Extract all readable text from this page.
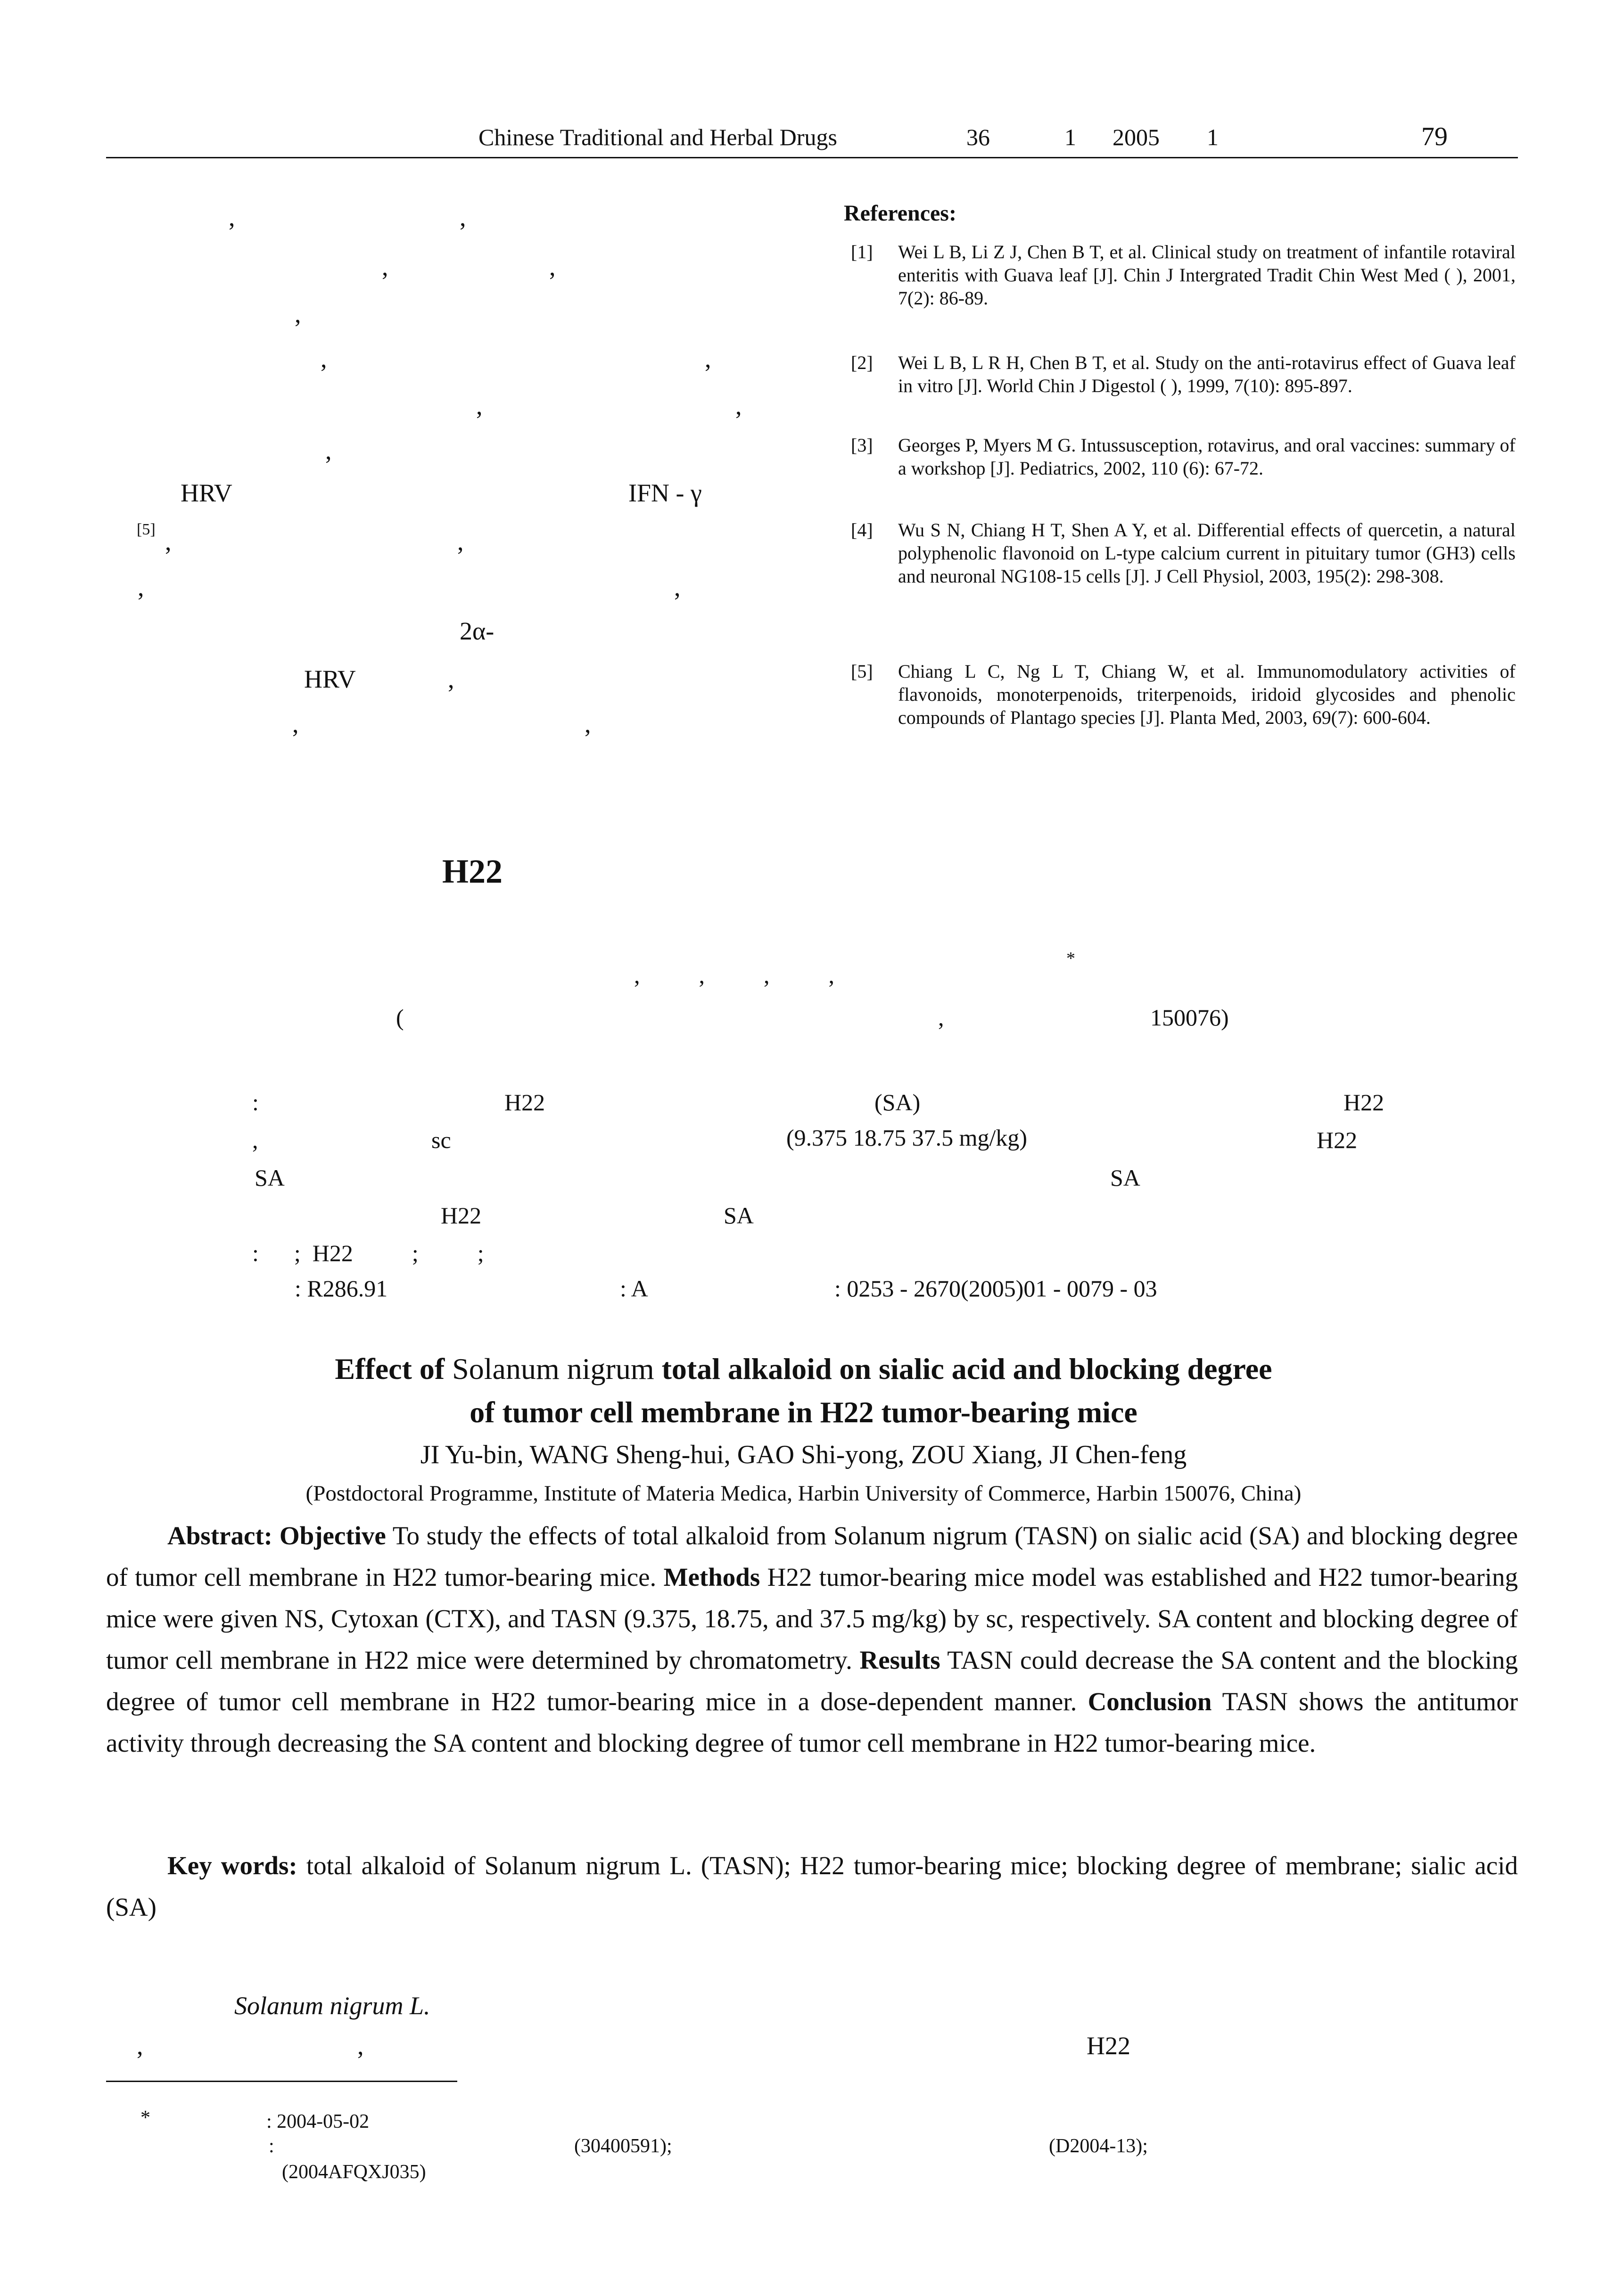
Chinese Traditional and Herbal Drugs	36	1 2005 1	79
,	,
,	,
,
,	,
,	,
,
HRV	IFN - γ
[5] ,	,
,	,
2α-
HRV	,
,	,
References:
[1] Wei L B, Li Z J, Chen B T, et al. Clinical study on treatment of infantile rotaviral enteritis with Guava leaf [J]. Chin J Intergrated Tradit Chin West Med ( ), 2001, 7(2): 86-89.
[2] Wei L B, L R H, Chen B T, et al. Study on the anti-rotavirus effect of Guava leaf in vitro [J]. World Chin J Digestol ( ), 1999, 7(10): 895-897.
[3] Georges P, Myers M G. Intussusception, rotavirus, and oral vaccines: summary of a workshop [J]. Pediatrics, 2002, 110 (6): 67-72.
[4] Wu S N, Chiang H T, Shen A Y, et al. Differential effects of quercetin, a natural polyphenolic flavonoid on L-type calcium current in pituitary tumor (GH3) cells and neuronal NG108-15 cells [J]. J Cell Physiol, 2003, 195(2): 298-308.
[5] Chiang L C, Ng L T, Chiang W, et al. Immunomodulatory activities of flavonoids, monoterpenoids, triterpenoids, iridoid glycosides and phenolic compounds of Plantago species [J]. Planta Med, 2003, 69(7): 600-604.
H22
,          ,          ,          ,
*
(	,	150076)
:	H22	(SA)	H22
,	sc	(9.375 18.75 37.5 mg/kg)	H22
SA	SA
H22	SA
:      ;  H22          ;          ;
: R286.91	: A	: 0253 - 2670(2005)01 - 0079 - 03
Effect of Solanum nigrum total alkaloid on sialic acid and blocking degree
of tumor cell membrane in H22 tumor-bearing mice
JI Yu-bin, WANG Sheng-hui, GAO Shi-yong, ZOU Xiang, JI Chen-feng
(Postdoctoral Programme, Institute of Materia Medica, Harbin University of Commerce, Harbin 150076, China)
Abstract: Objective To study the effects of total alkaloid from Solanum nigrum (TASN) on sialic acid (SA) and blocking degree of tumor cell membrane in H22 tumor-bearing mice. Methods H22 tumor-bearing mice model was established and H22 tumor-bearing mice were given NS, Cytoxan (CTX), and TASN (9.375, 18.75, and 37.5 mg/kg) by sc, respectively. SA content and blocking degree of tumor cell membrane in H22 mice were determined by chromatometry. Results TASN could decrease the SA content and the blocking degree of tumor cell membrane in H22 tumor-bearing mice in a dose-dependent manner. Conclusion TASN shows the antitumor activity through decreasing the SA content and blocking degree of tumor cell membrane in H22 tumor-bearing mice.
Key words: total alkaloid of Solanum nigrum L. (TASN); H22 tumor-bearing mice; blocking degree of membrane; sialic acid (SA)
Solanum nigrum L.
,	,	H22
*	: 2004-05-02
:	(30400591);	(D2004-13);
(2004AFQXJ035)
